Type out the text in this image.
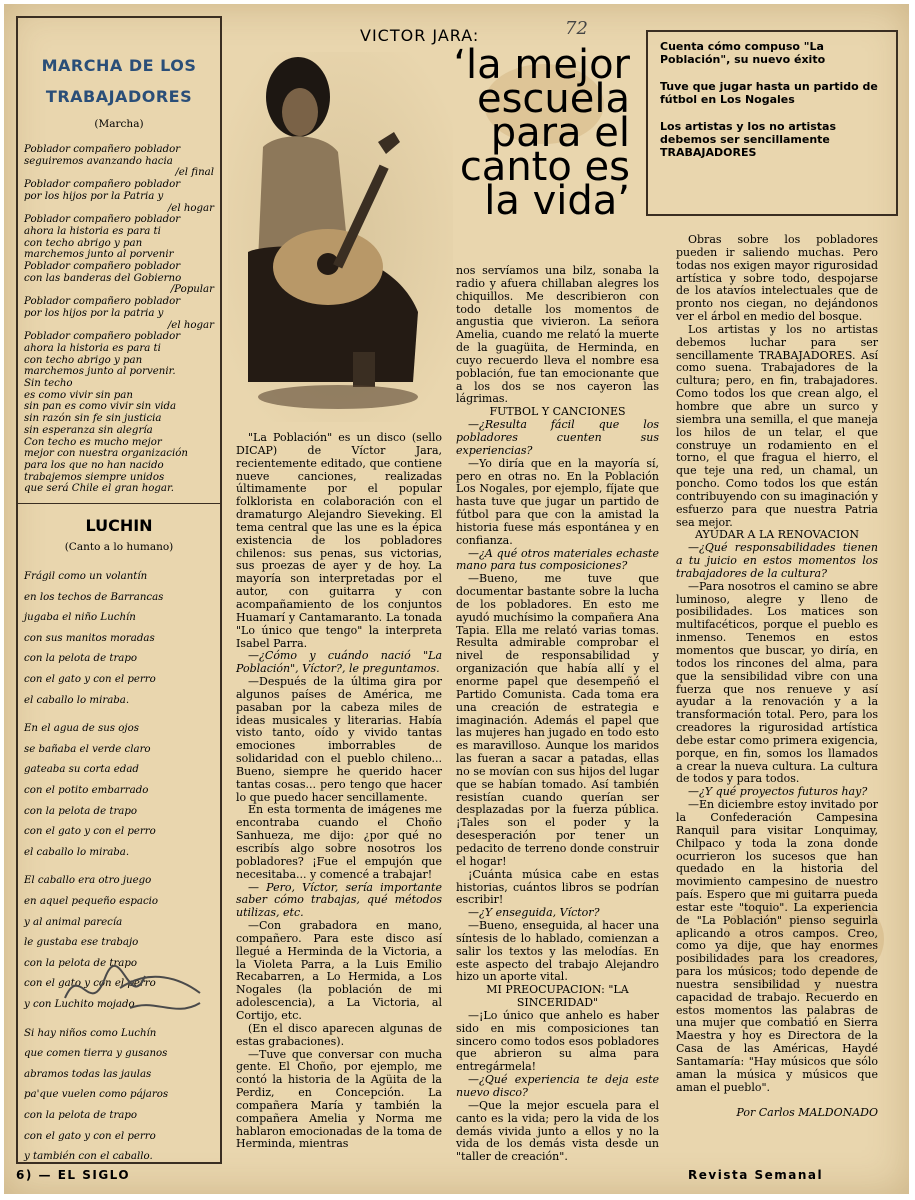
MARCHA DE LOS TRABAJADORES
(Marcha)
Poblador compañero poblador
seguiremos avanzando hacia
/el final
Poblador compañero poblador
por los hijos por la Patria y
/el hogar
Poblador compañero poblador
ahora la historia es para ti
con techo abrigo y pan
marchemos junto al porvenir
Poblador compañero poblador
con las banderas del Gobierno
/Popular
Poblador compañero poblador
por los hijos por la patria y
/el hogar
Poblador compañero poblador
ahora la historia es para ti
con techo abrigo y pan
marchemos junto al porvenir.
Sin techo
es como vivir sin pan
sin pan es como vivir sin vida
sin razón sin fe sin justicia
sin esperanza sin alegría
Con techo es mucho mejor
mejor con nuestra organización
para los que no han nacido
trabajemos siempre unidos
que será Chile el gran hogar.
LUCHIN
(Canto a lo humano)
Frágil como un volantín
en los techos de Barrancas
jugaba el niño Luchín
con sus manitos moradas
con la pelota de trapo
con el gato y con el perro
el caballo lo miraba.
En el agua de sus ojos
se bañaba el verde claro
gateaba su corta edad
con el potito embarrado
con la pelota de trapo
con el gato y con el perro
el caballo lo miraba.
El caballo era otro juego
en aquel pequeño espacio
y al animal parecía
le gustaba ese trabajo
con la pelota de trapo
con el gato y con el perro
y con Luchito mojado.
Si hay niños como Luchín
que comen tierra y gusanos
abramos todas las jaulas
pa'que vuelen como pájaros
con la pelota de trapo
con el gato y con el perro
y también con el caballo.
VICTOR JARA:	72
‘la mejor
escuela
para el
canto es
la vida’

Cuenta cómo compuso "La Población", su nuevo éxito

Tuve que jugar hasta un partido de fútbol en Los Nogales

Los artistas y los no artistas debemos ser sencillamente TRABAJADORES

"La Población" es un disco (sello DICAP) de Víctor Jara, recientemente editado, que contiene nueve canciones, realizadas últimamente por el popular folklorista en colaboración con el dramaturgo Alejandro Sieveking. El tema central que las une es la épica existencia de los pobladores chilenos: sus penas, sus victorias, sus proezas de ayer y de hoy. La mayoría son interpretadas por el autor, con guitarra y con acompañamiento de los conjuntos Huamarí y Cantamaranto. La tonada "Lo único que tengo" la interpreta Isabel Parra.

—¿Cómo y cuándo nació "La Población", Víctor?, le preguntamos.

—Después de la última gira por algunos países de América, me pasaban por la cabeza miles de ideas musicales y literarias. Había visto tanto, oído y vivido tantas emociones imborrables de solidaridad con el pueblo chileno... Bueno, siempre he querido hacer tantas cosas... pero tengo que hacer lo que puedo hacer sencillamente.

En esta tormenta de imágenes me encontraba cuando el Choño Sanhueza, me dijo: ¿por qué no escribís algo sobre nosotros los pobladores? ¡Fue el empujón que necesitaba... y comencé a trabajar!

— Pero, Víctor, sería importante saber cómo trabajas, qué métodos utilizas, etc.

—Con grabadora en mano, compañero. Para este disco así llegué a Herminda de la Victoria, a la Violeta Parra, a la Luis Emilio Recabarren, a Lo Hermida, a Los Nogales (la población de mi adolescencia), a La Victoria, al Cortijo, etc.

(En el disco aparecen algunas de estas grabaciones).

—Tuve que conversar con mucha gente. El Choño, por ejemplo, me contó la historia de la Agüita de la Perdiz, en Concepción. La compañera María y también la compañera Amelia y Norma me hablaron emocionadas de la toma de Herminda, mientras

nos servíamos una bilz, sonaba la radio y afuera chillaban alegres los chiquillos. Me describieron con todo detalle los momentos de angustia que vivieron. La señora Amelia, cuando me relató la muerte de la guagüita, de Herminda, en cuyo recuerdo lleva el nombre esa población, fue tan emocionante que a los dos se nos cayeron las lágrimas.

FUTBOL Y CANCIONES

—¿Resulta fácil que los pobladores cuenten sus experiencias?

—Yo diría que en la mayoría sí, pero en otras no. En la Población Los Nogales, por ejemplo, fíjate que hasta tuve que jugar un partido de fútbol para que con la amistad la historia fuese más espontánea y en confianza.

—¿A qué otros materiales echaste mano para tus composiciones?

—Bueno, me tuve que documentar bastante sobre la lucha de los pobladores. En esto me ayudó muchísimo la compañera Ana Tapia. Ella me relató varias tomas. Resulta admirable comprobar el nivel de responsabilidad y organización que había allí y el enorme papel que desempeñó el Partido Comunista. Cada toma era una creación de estrategia e imaginación. Además el papel que las mujeres han jugado en todo esto es maravilloso. Aunque los maridos las fueran a sacar a patadas, ellas no se movían con sus hijos del lugar que se habían tomado. Así también resistían cuando querían ser desplazadas por la fuerza pública. ¡Tales son el poder y la desesperación por tener un pedacito de terreno donde construir el hogar!

¡Cuánta música cabe en estas historias, cuántos libros se podrían escribir!

—¿Y enseguida, Víctor?

—Bueno, enseguida, al hacer una síntesis de lo hablado, comienzan a salir los textos y las melodías. En este aspecto del trabajo Alejandro hizo un aporte vital.

MI PREOCUPACION: "LA SINCERIDAD"

—¡Lo único que anhelo es haber sido en mis composiciones tan sincero como todos esos pobladores que abrieron su alma para entregármela!

—¿Qué experiencia te deja este nuevo disco?

—Que la mejor escuela para el canto es la vida; pero la vida de los demás vivida junto a ellos y no la vida de los demás vista desde un "taller de creación".

Obras sobre los pobladores pueden ir saliendo muchas. Pero todas nos exigen mayor rigurosidad artística y sobre todo, despojarse de los atavíos intelectuales que de pronto nos ciegan, no dejándonos ver el árbol en medio del bosque.

Los artistas y los no artistas debemos luchar para ser sencillamente TRABAJADORES. Así como suena. Trabajadores de la cultura; pero, en fin, trabajadores. Como todos los que crean algo, el hombre que abre un surco y siembra una semilla, el que maneja los hilos de un telar, el que construye un rodamiento en el torno, el que fragua el hierro, el que teje una red, un chamal, un poncho. Como todos los que están contribuyendo con su imaginación y esfuerzo para que nuestra Patria sea mejor.

AYUDAR A LA RENOVACION

—¿Qué responsabilidades tienen a tu juicio en estos momentos los trabajadores de la cultura?

—Para nosotros el camino se abre luminoso, alegre y lleno de posibilidades. Los matices son multifacéticos, porque el pueblo es inmenso. Tenemos en estos momentos que buscar, yo diría, en todos los rincones del alma, para que la sensibilidad vibre con una fuerza que nos renueve y así ayudar a la renovación y a la transformación total. Pero, para los creadores la rigurosidad artística debe estar como primera exigencia, porque, en fin, somos los llamados a crear la nueva cultura. La cultura de todos y para todos.

—¿Y qué proyectos futuros hay?

—En diciembre estoy invitado por la Confederación Campesina Ranquil para visitar Lonquimay, Chilpaco y toda la zona donde ocurrieron los sucesos que han quedado en la historia del movimiento campesino de nuestro país. Espero que mi guitarra pueda estar este "toquio". La experiencia de "La Población" pienso seguirla aplicando a otros campos. Creo, como ya dije, que hay enormes posibilidades para los creadores, para los músicos; todo depende de nuestra sensibilidad y nuestra capacidad de trabajo. Recuerdo en estos momentos las palabras de una mujer que combatió en Sierra Maestra y hoy es Directora de la Casa de las Américas, Haydé Santamaría: "Hay músicos que sólo aman la música y músicos que aman el pueblo".

Por Carlos MALDONADO

6) — EL SIGLO	Revista Semanal
